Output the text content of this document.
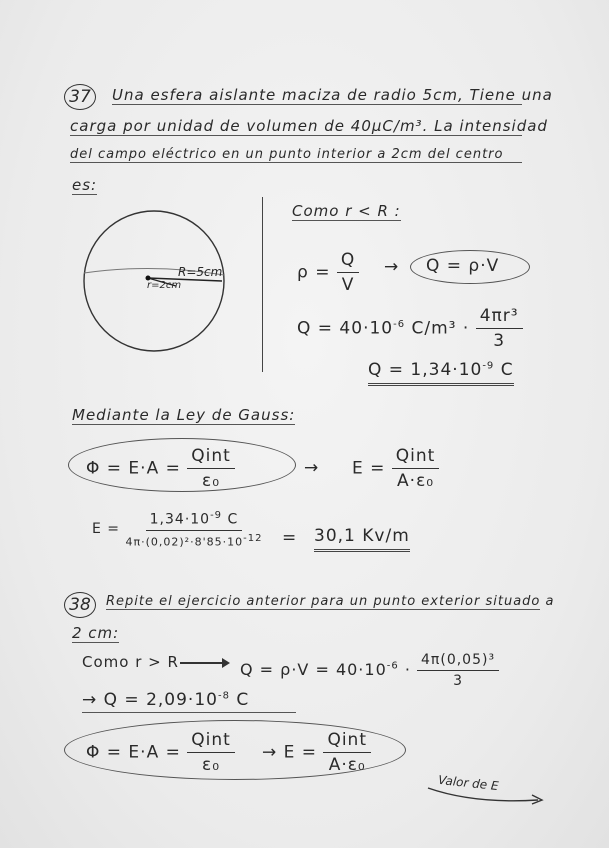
37 Una esfera aislante maciza de radio 5cm, Tiene una
carga por unidad de volumen de 40µC/m³. La intensidad
del campo eléctrico en un punto interior a 2cm del centro
es:
R=5cm
r=2cm
Como r < R :
$\rho = \frac{Q}{V} \to Q = \rho\cdot V$
$Q = 40\cdot 10^{-6}$ $C/m^3 \cdot \frac{\text{4πr³}}{3}$
$Q = 1,34\cdot 10^{-9}$ C
Mediante la Ley de Gauss:
$\Phi = E\cdot A = \frac{\text{Qint}}{\text{ε₀}}$	→ $E = \frac{\text{Qint}}{\text{A·ε₀}}$
$E = \frac{1,34\cdot 10^{-9} C}{4\pi\cdot(0,02)^2\cdot 8'85\cdot 10^{-12}} = 30,1$ Kv/m
38 Repite el ejercicio anterior para un punto exterior situado a
2 cm:
Como r > R	$Q = \rho\cdot V = 40\cdot 10^{-6} \cdot \frac{\text{4π(0,05)³}}{3}$
→ $Q = 2,09\cdot 10^{-8}$ C
$\Phi = E\cdot A = \frac{\text{Qint}}{\text{ε₀}} \to E = \frac{\text{Qint}}{\text{A·ε₀}}$
Valor de E
